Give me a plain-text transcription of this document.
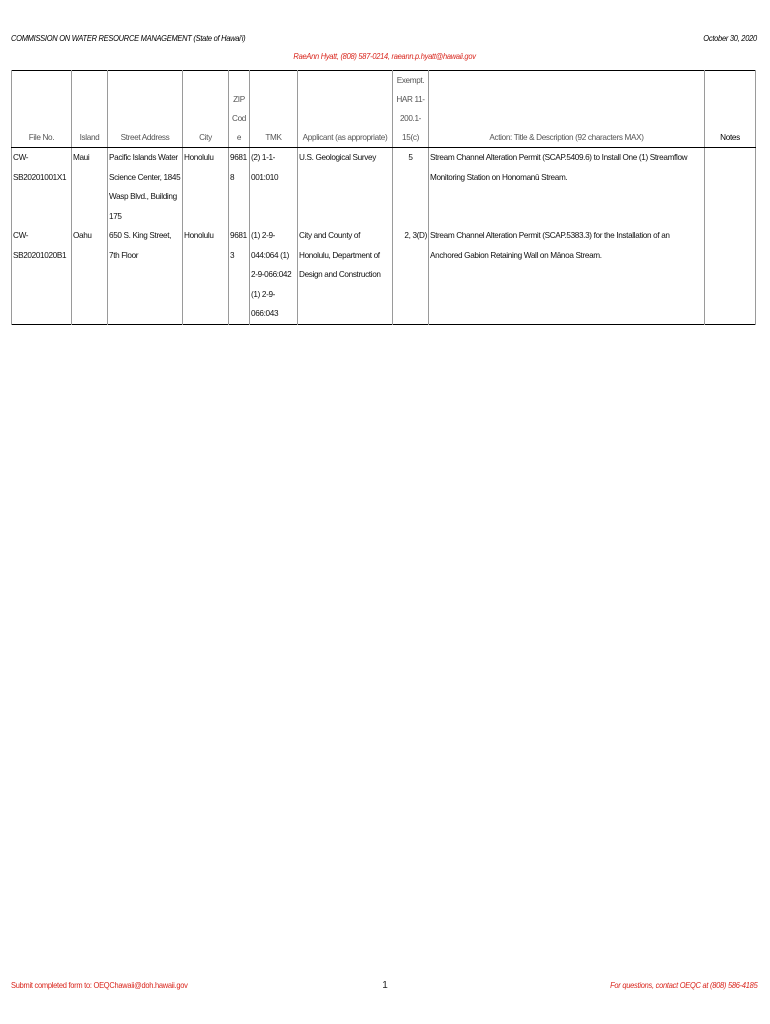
COMMISSION ON WATER RESOURCE MANAGEMENT (State of Hawai'i)	October 30, 2020
RaeAnn Hyatt, (808) 587-0214, raeann.p.hyatt@hawaii.gov
File No.	Island	Street Address	City	ZIP Code	TMK	Applicant (as appropriate)	Exempt. HAR 11-200.1-15(c)	Action: Title & Description (92 characters MAX)	Notes
CW-SB20201001X1	Maui	Pacific Islands Water Science Center, 1845 Wasp Blvd., Building 175	Honolulu	96818	(2) 1-1-001:010	U.S. Geological Survey	5	Stream Channel Alteration Permit (SCAP.5409.6) to Install One (1) Streamflow Monitoring Station on Honomanū Stream.	
CW-SB20201020B1	Oahu	650 S. King Street, 7th Floor	Honolulu	96813	(1) 2-9-044:064 (1) 2-9-066:042 (1) 2-9-066:043	City and County of Honolulu, Department of Design and Construction	2, 3(D)	Stream Channel Alteration Permit (SCAP.5383.3) for the Installation of an Anchored Gabion Retaining Wall on Mānoa Stream.	
Submit completed form to: OEQChawaii@doh.hawaii.gov	1	For questions, contact OEQC at (808) 586-4185
